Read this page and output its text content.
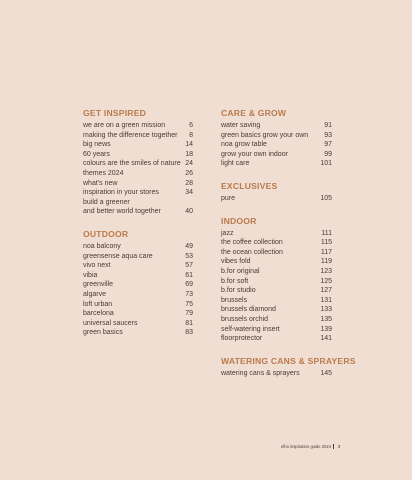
GET INSPIRED
we are on a green mission	6
making the difference together	8
big news	14
60 years	18
colours are the smiles of nature 24
themes 2024	26
what's new	28
inspiration in your stores	34
build a greener
and better world together	40
OUTDOOR
noa balcony	49
greensense aqua care	53
vivo next	57
vibia	61
greenville	69
algarve	73
loft urban	75
barcelona	79
universal saucers	81
green basics	83
CARE & GROW
water saving	91
green basics grow your own	93
noa grow table	97
grow your own indoor	99
light care	101
EXCLUSIVES
pure	105
INDOOR
jazz	111
the coffee collection	115
the ocean collection	117
vibes fold	119
b.for original	123
b.for soft	125
b.for studio	127
brussels	131
brussels diamond	133
brussels orchid	135
self-watering insert	139
floorprotector	141
WATERING CANS & SPRAYERS
watering cans & sprayers	145
elho inspiration guide 2024 3
